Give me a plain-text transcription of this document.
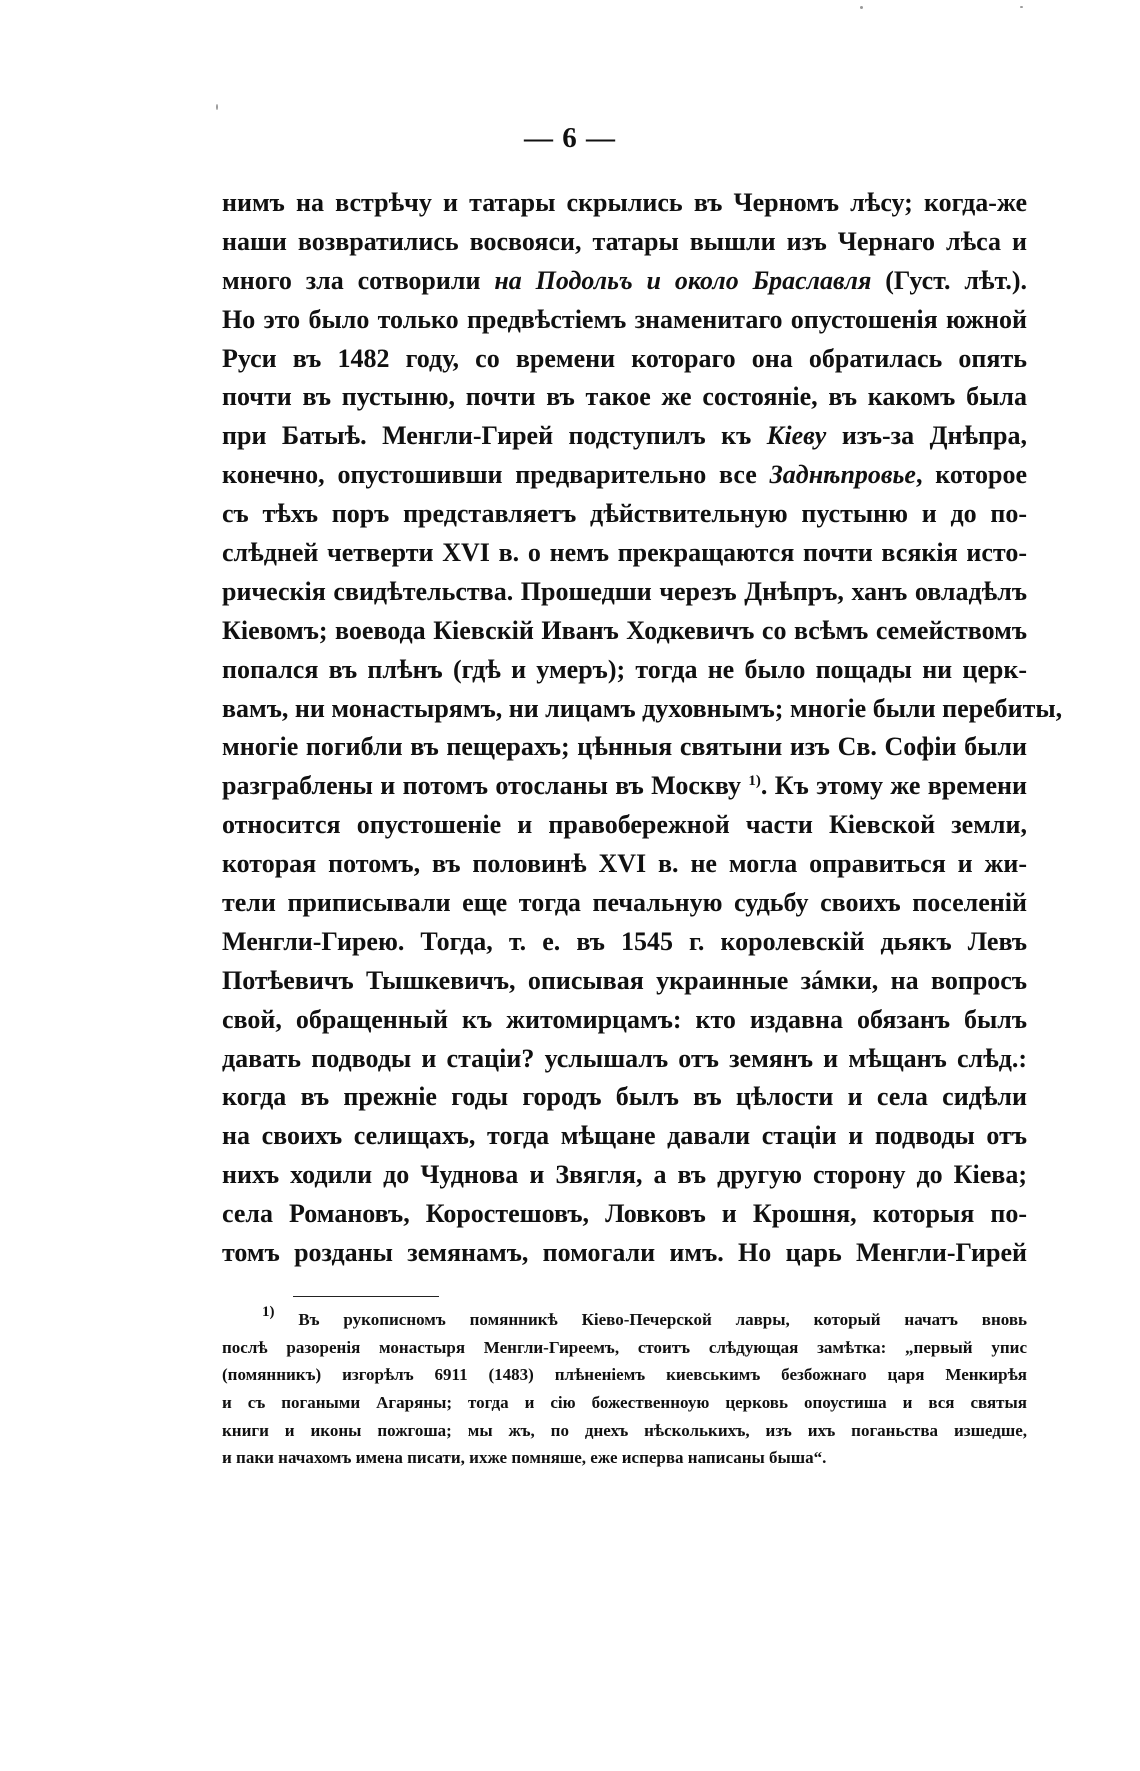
— 6 —
нимъ на встрѣчу и татары скрылись въ Черномъ лѣсу; когда-же
наши возвратились восвояси, татары вышли изъ Чернаго лѣса и
много зла сотворили на Подольъ и около Браславля (Густ. лѣт.).
Но это было только предвѣстіемъ знаменитаго опустошенія южной
Руси въ 1482 году, со времени котораго она обратилась опять
почти въ пустыню, почти въ такое же состояніе, въ какомъ была
при Батыѣ. Менгли-Гирей подступилъ къ Кіеву изъ-за Днѣпра,
конечно, опустошивши предварительно все Заднѣпровье, которое
съ тѣхъ поръ представляетъ дѣйствительную пустыню и до по-
слѣдней четверти XVI в. о немъ прекращаются почти всякія исто-
рическія свидѣтельства. Прошедши черезъ Днѣпръ, ханъ овладѣлъ
Кіевомъ; воевода Кіевскій Иванъ Ходкевичъ со всѣмъ семействомъ
попался въ плѣнъ (гдѣ и умеръ); тогда не было пощады ни церк-
вамъ, ни монастырямъ, ни лицамъ духовнымъ; многіе были перебиты,
многіе погибли въ пещерахъ; цѣнныя святыни изъ Св. Софіи были
разграблены и потомъ отосланы въ Москву $^{1)}$. Къ этому же времени
относится опустошеніе и правобережной части Кіевской земли,
которая потомъ, въ половинѣ XVI в. не могла оправиться и жи-
тели приписывали еще тогда печальную судьбу своихъ поселеній
Менгли-Гирею. Тогда, т. е. въ 1545 г. королевскій дьякъ Левъ
Потѣевичъ Тышкевичъ, описывая украинные зáмки, на вопросъ
свой, обращенный къ житомирцамъ: кто издавна обязанъ былъ
давать подводы и стаціи? услышалъ отъ земянъ и мѣщанъ слѣд.:
когда въ прежніе годы городъ былъ въ цѣлости и села сидѣли
на своихъ селищахъ, тогда мѣщане давали стаціи и подводы отъ
нихъ ходили до Чуднова и Звягля, а въ другую сторону до Кіева;
села Романовъ, Коростешовъ, Ловковъ и Крошня, которыя по-
томъ розданы земянамъ, помогали имъ. Но царь Менгли-Гирей
$^{1)}$ Въ рукописномъ помянникѣ Кіево-Печерской лавры, который начатъ вновь
послѣ разоренія монастыря Менгли-Гиреемъ, стоитъ слѣдующая замѣтка: „первый упис
(помянникъ) изгорѣлъ 6911 (1483) плѣненіемъ киевськимъ безбожнаго царя Менкирѣя
и съ погаными Агаряны; тогда и сію божественноую церковь опоустиша и вся святыя
книги и иконы пожгоша; мы жъ, по днехъ нѣсколькихъ, изъ ихъ поганьства изшедше,
и паки начахомъ имена писати, ихже помняше, еже исперва написаны быша“.
